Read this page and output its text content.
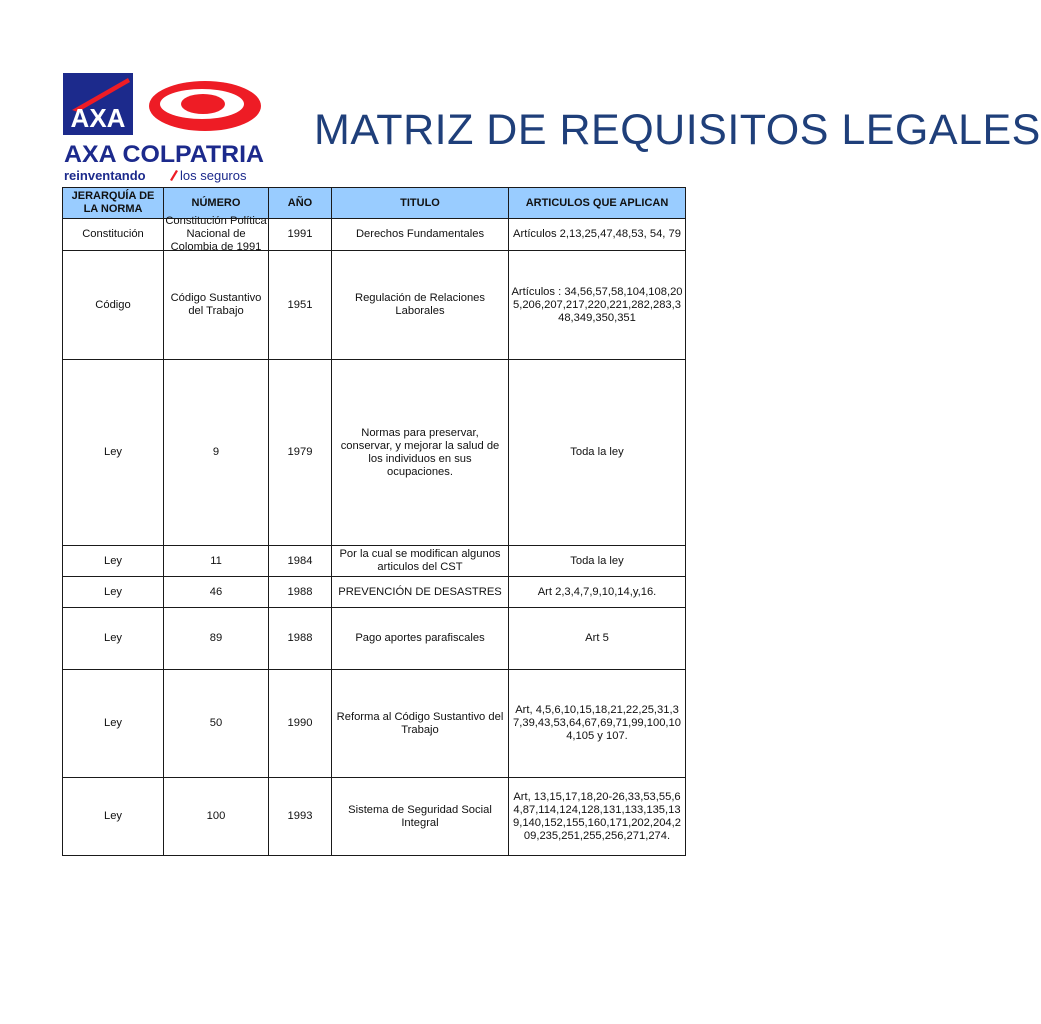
AXA
AXA COLPATRIA
reinventando	los seguros
MATRIZ DE REQUISITOS LEGALES
JERARQUÍA DE LA NORMA	NÚMERO	AÑO	TITULO	ARTICULOS QUE APLICAN
Constitución	Constitución Política Nacional de Colombia de 1991	1991	Derechos Fundamentales	Artículos 2,13,25,47,48,53, 54, 79
Código	Código Sustantivo del Trabajo	1951	Regulación de Relaciones Laborales	Artículos : 34,56,57,58,104,108,205,206,207,217,220,221,282,283,348,349,350,351
Ley	9	1979	Normas para preservar, conservar, y mejorar la salud de los individuos en sus ocupaciones.	Toda la ley
Ley	11	1984	Por la cual se modifican algunos articulos del CST	Toda la ley
Ley	46	1988	PREVENCIÓN DE DESASTRES	Art 2,3,4,7,9,10,14,y,16.
Ley	89	1988	Pago aportes parafiscales	Art 5
Ley	50	1990	Reforma al Código Sustantivo del Trabajo	Art, 4,5,6,10,15,18,21,22,25,31,37,39,43,53,64,67,69,71,99,100,104,105 y 107.
Ley	100	1993	Sistema de Seguridad Social Integral	Art, 13,15,17,18,20-26,33,53,55,64,87,114,124,128,131,133,135,139,140,152,155,160,171,202,204,209,235,251,255,256,271,274.
